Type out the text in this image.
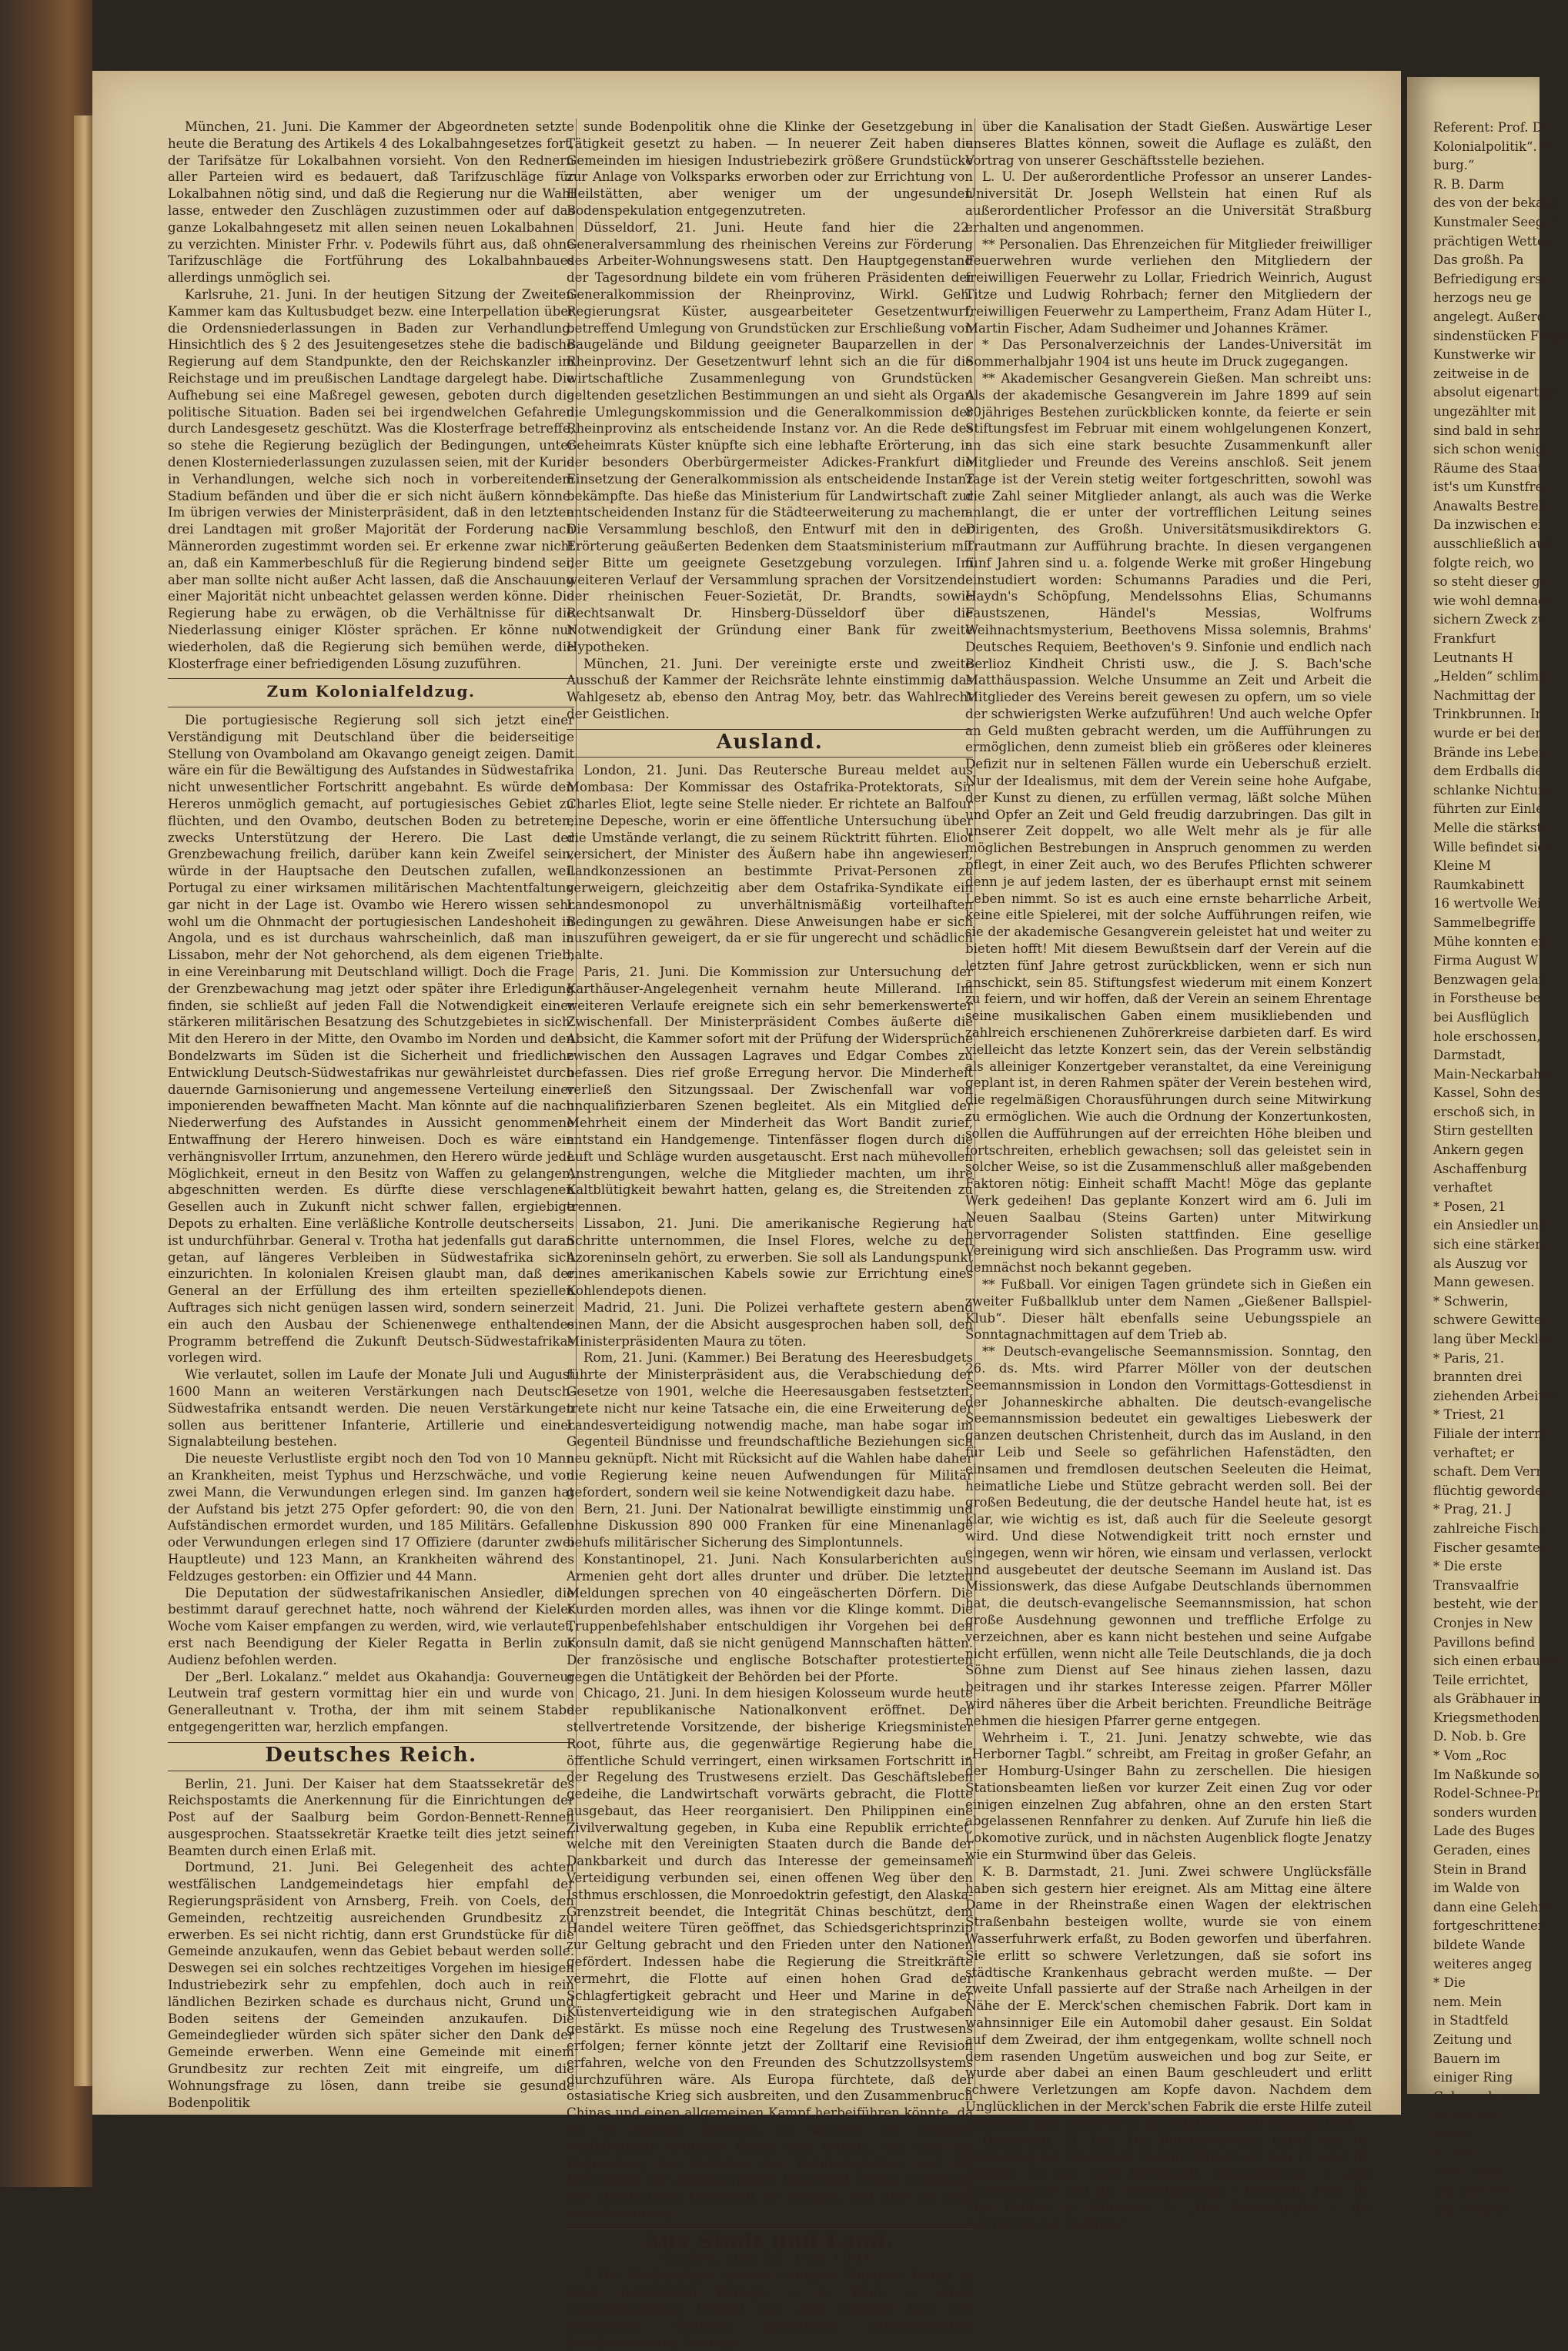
München, 21. Juni. Die Kammer der Abgeordneten setzte heute die Beratung des Artikels 4 des Lokalbahngesetzes fort, der Tarifsätze für Lokalbahnen vorsieht. Von den Rednern aller Parteien wird es bedauert, daß Tarifzuschläge für Lokalbahnen nötig sind, und daß die Regierung nur die Wahl lasse, entweder den Zuschlägen zuzustimmen oder auf das ganze Lokalbahngesetz mit allen seinen neuen Lokalbahnen zu verzichten. Minister Frhr. v. Podewils führt aus, daß ohne Tarifzuschläge die Fortführung des Lokalbahnbaues allerdings unmöglich sei.

Karlsruhe, 21. Juni. In der heutigen Sitzung der Zweiten Kammer kam das Kultusbudget bezw. eine Interpellation über die Ordensniederlassungen in Baden zur Verhandlung. Hinsichtlich des § 2 des Jesuitengesetzes stehe die badische Regierung auf dem Standpunkte, den der Reichskanzler im Reichstage und im preußischen Landtage dargelegt habe. Die Aufhebung sei eine Maßregel gewesen, geboten durch die politische Situation. Baden sei bei irgendwelchen Gefahren durch Landesgesetz geschützt. Was die Klosterfrage betreffe, so stehe die Regierung bezüglich der Bedingungen, unter denen Klosterniederlassungen zuzulassen seien, mit der Kurie in Verhandlungen, welche sich noch in vorbereitendem Stadium befänden und über die er sich nicht äußern könne. Im übrigen verwies der Ministerpräsident, daß in den letzten drei Landtagen mit großer Majorität der Forderung nach Männerorden zugestimmt worden sei. Er erkenne zwar nicht an, daß ein Kammerbeschluß für die Regierung bindend sei, aber man sollte nicht außer Acht lassen, daß die Anschauung einer Majorität nicht unbeachtet gelassen werden könne. Die Regierung habe zu erwägen, ob die Verhältnisse für die Niederlassung einiger Klöster sprächen. Er könne nur wiederholen, daß die Regierung sich bemühen werde, die Klosterfrage einer befriedigenden Lösung zuzuführen.

Zum Kolonialfeldzug.

Die portugiesische Regierung soll sich jetzt einer Verständigung mit Deutschland über die beiderseitige Stellung von Ovamboland am Okavango geneigt zeigen. Damit wäre ein für die Bewältigung des Aufstandes in Südwestafrika nicht unwesentlicher Fortschritt angebahnt. Es würde den Hereros unmöglich gemacht, auf portugiesisches Gebiet zu flüchten, und den Ovambo, deutschen Boden zu betreten, zwecks Unterstützung der Herero. Die Last der Grenzbewachung freilich, darüber kann kein Zweifel sein, würde in der Hauptsache den Deutschen zufallen, weil Portugal zu einer wirksamen militärischen Machtentfaltung gar nicht in der Lage ist. Ovambo wie Herero wissen sehr wohl um die Ohnmacht der portugiesischen Landeshoheit in Angola, und es ist durchaus wahrscheinlich, daß man in Lissabon, mehr der Not gehorchend, als dem eigenen Trieb, in eine Vereinbarung mit Deutschland willigt. Doch die Frage der Grenzbewachung mag jetzt oder später ihre Erledigung finden, sie schließt auf jeden Fall die Notwendigkeit einer stärkeren militärischen Besatzung des Schutzgebietes in sich. Mit den Herero in der Mitte, den Ovambo im Norden und den Bondelzwarts im Süden ist die Sicherheit und friedliche Entwicklung Deutsch-Südwestafrikas nur gewährleistet durch dauernde Garnisonierung und angemessene Verteilung einer imponierenden bewaffneten Macht. Man könnte auf die nach Niederwerfung des Aufstandes in Aussicht genommene Entwaffnung der Herero hinweisen. Doch es wäre ein verhängnisvoller Irrtum, anzunehmen, den Herero würde jede Möglichkeit, erneut in den Besitz von Waffen zu gelangen, abgeschnitten werden. Es dürfte diese verschlagenen Gesellen auch in Zukunft nicht schwer fallen, ergiebige Depots zu erhalten. Eine verläßliche Kontrolle deutscherseits ist undurchführbar. General v. Trotha hat jedenfalls gut daran getan, auf längeres Verbleiben in Südwestafrika sich einzurichten. In kolonialen Kreisen glaubt man, daß der General an der Erfüllung des ihm erteilten speziellen Auftrages sich nicht genügen lassen wird, sondern seinerzeit ein auch den Ausbau der Schienenwege enthaltendes Programm betreffend die Zukunft Deutsch-Südwestafrikas vorlegen wird.

Wie verlautet, sollen im Laufe der Monate Juli und August 1600 Mann an weiteren Verstärkungen nach Deutsch-Südwestafrika entsandt werden. Die neuen Verstärkungen sollen aus berittener Infanterie, Artillerie und einer Signalabteilung bestehen.

Die neueste Verlustliste ergibt noch den Tod von 10 Mann an Krankheiten, meist Typhus und Herzschwäche, und von zwei Mann, die Verwundungen erlegen sind. Im ganzen hat der Aufstand bis jetzt 275 Opfer gefordert: 90, die von den Aufständischen ermordet wurden, und 185 Militärs. Gefallen oder Verwundungen erlegen sind 17 Offiziere (darunter zwei Hauptleute) und 123 Mann, an Krankheiten während des Feldzuges gestorben: ein Offizier und 44 Mann.

Die Deputation der südwestafrikanischen Ansiedler, die bestimmt darauf gerechnet hatte, noch während der Kieler Woche vom Kaiser empfangen zu werden, wird, wie verlautet, erst nach Beendigung der Kieler Regatta in Berlin zur Audienz befohlen werden.

Der „Berl. Lokalanz.“ meldet aus Okahandja: Gouverneur Leutwein traf gestern vormittag hier ein und wurde von Generalleutnant v. Trotha, der ihm mit seinem Stabe entgegengeritten war, herzlich empfangen.

Deutsches Reich.

Berlin, 21. Juni. Der Kaiser hat dem Staatssekretär des Reichspostamts die Anerkennung für die Einrichtungen der Post auf der Saalburg beim Gordon-Bennett-Rennen ausgesprochen. Staatssekretär Kraetke teilt dies jetzt seinen Beamten durch einen Erlaß mit.

Dortmund, 21. Juni. Bei Gelegenheit des achten westfälischen Landgemeindetags hier empfahl der Regierungspräsident von Arnsberg, Freih. von Coels, den Gemeinden, rechtzeitig ausreichenden Grundbesitz zu erwerben. Es sei nicht richtig, dann erst Grundstücke für die Gemeinde anzukaufen, wenn das Gebiet bebaut werden solle. Deswegen sei ein solches rechtzeitiges Vorgehen im hiesigen Industriebezirk sehr zu empfehlen, doch auch in rein ländlichen Bezirken schade es durchaus nicht, Grund und Boden seitens der Gemeinden anzukaufen. Die Gemeindeglieder würden sich später sicher den Dank der Gemeinde erwerben. Wenn eine Gemeinde mit einem Grundbesitz zur rechten Zeit mit eingreife, um die Wohnungsfrage zu lösen, dann treibe sie gesunde Bodenpolitik

sunde Bodenpolitik ohne die Klinke der Gesetzgebung in Tätigkeit gesetzt zu haben. — In neuerer Zeit haben die Gemeinden im hiesigen Industriebezirk größere Grundstücke zur Anlage von Volksparks erworben oder zur Errichtung von Heilstätten, aber weniger um der ungesunden Bodenspekulation entgegenzutreten.

Düsseldorf, 21. Juni. Heute fand hier die 22. Generalversammlung des rheinischen Vereins zur Förderung des Arbeiter-Wohnungswesens statt. Den Hauptgegenstand der Tagesordnung bildete ein vom früheren Präsidenten der Generalkommission der Rheinprovinz, Wirkl. Geh. Regierungsrat Küster, ausgearbeiteter Gesetzentwurf, betreffend Umlegung von Grundstücken zur Erschließung von Baugelände und Bildung geeigneter Bauparzellen in der Rheinprovinz. Der Gesetzentwurf lehnt sich an die für die wirtschaftliche Zusammenlegung von Grundstücken geltenden gesetzlichen Bestimmungen an und sieht als Organ die Umlegungskommission und die Generalkommission der Rheinprovinz als entscheidende Instanz vor. An die Rede des Geheimrats Küster knüpfte sich eine lebhafte Erörterung, in der besonders Oberbürgermeister Adickes-Frankfurt die Einsetzung der Generalkommission als entscheidende Instanz bekämpfte. Das hieße das Ministerium für Landwirtschaft zur entscheidenden Instanz für die Städteerweiterung zu machen. Die Versammlung beschloß, den Entwurf mit den in der Erörterung geäußerten Bedenken dem Staatsministerium mit der Bitte um geeignete Gesetzgebung vorzulegen. Im weiteren Verlauf der Versammlung sprachen der Vorsitzende der rheinischen Feuer-Sozietät, Dr. Brandts, sowie Rechtsanwalt Dr. Hinsberg-Düsseldorf über die Notwendigkeit der Gründung einer Bank für zweite Hypotheken.

München, 21. Juni. Der vereinigte erste und zweite Ausschuß der Kammer der Reichsräte lehnte einstimmig das Wahlgesetz ab, ebenso den Antrag Moy, betr. das Wahlrecht der Geistlichen.

Ausland.

London, 21. Juni. Das Reutersche Bureau meldet aus Mombasa: Der Kommissar des Ostafrika-Protektorats, Sir Charles Eliot, legte seine Stelle nieder. Er richtete an Balfour eine Depesche, worin er eine öffentliche Untersuchung über die Umstände verlangt, die zu seinem Rücktritt führten. Eliot versichert, der Minister des Äußern habe ihn angewiesen, Landkonzessionen an bestimmte Privat-Personen zu verweigern, gleichzeitig aber dem Ostafrika-Syndikate ein Landesmonopol zu unverhältnismäßig vorteilhaften Bedingungen zu gewähren. Diese Anweisungen habe er sich auszuführen geweigert, da er sie für ungerecht und schädlich halte.

Paris, 21. Juni. Die Kommission zur Untersuchung der Karthäuser-Angelegenheit vernahm heute Millerand. Im weiteren Verlaufe ereignete sich ein sehr bemerkenswerter Zwischenfall. Der Ministerpräsident Combes äußerte die Absicht, die Kammer sofort mit der Prüfung der Widersprüche zwischen den Aussagen Lagraves und Edgar Combes zu befassen. Dies rief große Erregung hervor. Die Minderheit verließ den Sitzungssaal. Der Zwischenfall war von unqualifizierbaren Szenen begleitet. Als ein Mitglied der Mehrheit einem der Minderheit das Wort Bandit zurief, entstand ein Handgemenge. Tintenfässer flogen durch die Luft und Schläge wurden ausgetauscht. Erst nach mühevollen Anstrengungen, welche die Mitglieder machten, um ihre Kaltblütigkeit bewahrt hatten, gelang es, die Streitenden zu trennen.

Lissabon, 21. Juni. Die amerikanische Regierung hat Schritte unternommen, die Insel Flores, welche zu den Azoreninseln gehört, zu erwerben. Sie soll als Landungspunkt eines amerikanischen Kabels sowie zur Errichtung eines Kohlendepots dienen.

Madrid, 21. Juni. Die Polizei verhaftete gestern abend einen Mann, der die Absicht ausgesprochen haben soll, den Ministerpräsidenten Maura zu töten.

Rom, 21. Juni. (Kammer.) Bei Beratung des Heeresbudgets führte der Ministerpräsident aus, die Verabschiedung der Gesetze von 1901, welche die Heeresausgaben festsetzten, trete nicht nur keine Tatsache ein, die eine Erweiterung der Landesverteidigung notwendig mache, man habe sogar im Gegenteil Bündnisse und freundschaftliche Beziehungen sich neu geknüpft. Nicht mit Rücksicht auf die Wahlen habe daher die Regierung keine neuen Aufwendungen für Militär gefordert, sondern weil sie keine Notwendigkeit dazu habe.

Bern, 21. Juni. Der Nationalrat bewilligte einstimmig und ohne Diskussion 890 000 Franken für eine Minenanlage behufs militärischer Sicherung des Simplontunnels.

Konstantinopel, 21. Juni. Nach Konsularberichten aus Armenien geht dort alles drunter und drüber. Die letzten Meldungen sprechen von 40 eingeäscherten Dörfern. Die Kurden morden alles, was ihnen vor die Klinge kommt. Die Truppenbefehlshaber entschuldigen ihr Vorgehen bei den Konsuln damit, daß sie nicht genügend Mannschaften hätten. Der französische und englische Botschafter protestierten gegen die Untätigkeit der Behörden bei der Pforte.

Chicago, 21. Juni. In dem hiesigen Kolosseum wurde heute der republikanische Nationalkonvent eröffnet. Der stellvertretende Vorsitzende, der bisherige Kriegsminister Root, führte aus, die gegenwärtige Regierung habe die öffentliche Schuld verringert, einen wirksamen Fortschritt in der Regelung des Trustwesens erzielt. Das Geschäftsleben gedeihe, die Landwirtschaft vorwärts gebracht, die Flotte ausgebaut, das Heer reorganisiert. Den Philippinen eine Zivilverwaltung gegeben, in Kuba eine Republik errichtet, welche mit den Vereinigten Staaten durch die Bande der Dankbarkeit und durch das Interesse der gemeinsamen Verteidigung verbunden sei, einen offenen Weg über den Isthmus erschlossen, die Monroedoktrin gefestigt, den Alaska-Grenzstreit beendet, die Integrität Chinas beschützt, dem Handel weitere Türen geöffnet, das Schiedsgerichtsprinzip zur Geltung gebracht und den Frieden unter den Nationen gefördert. Indessen habe die Regierung die Streitkräfte vermehrt, die Flotte auf einen hohen Grad der Schlagfertigkeit gebracht und Heer und Marine in der Küstenverteidigung wie in den strategischen Aufgaben gestärkt. Es müsse noch eine Regelung des Trustwesens erfolgen; ferner könnte jetzt der Zolltarif eine Revision erfahren, welche von den Freunden des Schutzzollsystems durchzuführen wäre. Als Europa fürchtete, daß der ostasiatische Krieg sich ausbreiten, und den Zusammenbruch Chinas und einen allgemeinen Kampf herbeiführen könnte, da sei es Amerika gewesen, an welches der begabte, weitblickende deutsche Kaiser sich wandte, um über die Begrenzung des Gebietes der Feindseligkeiten und die Bewahrung der administrativen Wesenheit Chinas außerhalb der Mandschurei Gewißheit zu bringen, und dies sei auch erreicht worden.

Aus Stadt und Land.

Gießen, den 22. Juni 1904.

* Die Stadtauflage unserer heutigen Nummer bringt in einer besonderen Beilage — 4. Blatt — einen stenographischen Bericht von dem kürzlich hier von Oberbaurat Schmick gehaltenen außerordentlich beachtenswerten Vortrage

über die Kanalisation der Stadt Gießen. Auswärtige Leser unseres Blattes können, soweit die Auflage es zuläßt, den Vortrag von unserer Geschäftsstelle beziehen.

L. U. Der außerordentliche Professor an unserer Landes-Universität Dr. Joseph Wellstein hat einen Ruf als außerordentlicher Professor an die Universität Straßburg erhalten und angenommen.

** Personalien. Das Ehrenzeichen für Mitglieder freiwilliger Feuerwehren wurde verliehen den Mitgliedern der freiwilligen Feuerwehr zu Lollar, Friedrich Weinrich, August Titze und Ludwig Rohrbach; ferner den Mitgliedern der freiwilligen Feuerwehr zu Lampertheim, Franz Adam Hüter I., Martin Fischer, Adam Sudheimer und Johannes Krämer.

* Das Personalverzeichnis der Landes-Universität im Sommerhalbjahr 1904 ist uns heute im Druck zugegangen.

** Akademischer Gesangverein Gießen. Man schreibt uns: Als der akademische Gesangverein im Jahre 1899 auf sein 80jähriges Bestehen zurückblicken konnte, da feierte er sein Stiftungsfest im Februar mit einem wohlgelungenen Konzert, an das sich eine stark besuchte Zusammenkunft aller Mitglieder und Freunde des Vereins anschloß. Seit jenem Tage ist der Verein stetig weiter fortgeschritten, sowohl was die Zahl seiner Mitglieder anlangt, als auch was die Werke anlangt, die er unter der vortrefflichen Leitung seines Dirigenten, des Großh. Universitätsmusikdirektors G. Trautmann zur Aufführung brachte. In diesen vergangenen fünf Jahren sind u. a. folgende Werke mit großer Hingebung einstudiert worden: Schumanns Paradies und die Peri, Haydn's Schöpfung, Mendelssohns Elias, Schumanns Faustszenen, Händel's Messias, Wolfrums Weihnachtsmysterium, Beethovens Missa solemnis, Brahms' Deutsches Requiem, Beethoven's 9. Sinfonie und endlich nach Berlioz Kindheit Christi usw., die J. S. Bach'sche Matthäuspassion. Welche Unsumme an Zeit und Arbeit die Mitglieder des Vereins bereit gewesen zu opfern, um so viele der schwierigsten Werke aufzuführen! Und auch welche Opfer an Geld mußten gebracht werden, um die Aufführungen zu ermöglichen, denn zumeist blieb ein größeres oder kleineres Defizit nur in seltenen Fällen wurde ein Ueberschuß erzielt. Nur der Idealismus, mit dem der Verein seine hohe Aufgabe, der Kunst zu dienen, zu erfüllen vermag, läßt solche Mühen und Opfer an Zeit und Geld freudig darzubringen. Das gilt in unserer Zeit doppelt, wo alle Welt mehr als je für alle möglichen Bestrebungen in Anspruch genommen zu werden pflegt, in einer Zeit auch, wo des Berufes Pflichten schwerer denn je auf jedem lasten, der es überhaupt ernst mit seinem Leben nimmt. So ist es auch eine ernste beharrliche Arbeit, keine eitle Spielerei, mit der solche Aufführungen reifen, wie sie der akademische Gesangverein geleistet hat und weiter zu bieten hofft! Mit diesem Bewußtsein darf der Verein auf die letzten fünf Jahre getrost zurückblicken, wenn er sich nun anschickt, sein 85. Stiftungsfest wiederum mit einem Konzert zu feiern, und wir hoffen, daß der Verein an seinem Ehrentage seine musikalischen Gaben einem musikliebenden und zahlreich erschienenen Zuhörerkreise darbieten darf. Es wird vielleicht das letzte Konzert sein, das der Verein selbständig als alleiniger Konzertgeber veranstaltet, da eine Vereinigung geplant ist, in deren Rahmen später der Verein bestehen wird, die regelmäßigen Chorausführungen durch seine Mitwirkung zu ermöglichen. Wie auch die Ordnung der Konzertunkosten, sollen die Aufführungen auf der erreichten Höhe bleiben und fortschreiten, erheblich gewachsen; soll das geleistet sein in solcher Weise, so ist die Zusammenschluß aller maßgebenden Faktoren nötig: Einheit schafft Macht! Möge das geplante Werk gedeihen! Das geplante Konzert wird am 6. Juli im Neuen Saalbau (Steins Garten) unter Mitwirkung hervorragender Solisten stattfinden. Eine gesellige Vereinigung wird sich anschließen. Das Programm usw. wird demnächst noch bekannt gegeben.

** Fußball. Vor einigen Tagen gründete sich in Gießen ein zweiter Fußballklub unter dem Namen „Gießener Ballspiel-Klub“. Dieser hält ebenfalls seine Uebungsspiele an Sonntagnachmittagen auf dem Trieb ab.

** Deutsch-evangelische Seemannsmission. Sonntag, den 26. ds. Mts. wird Pfarrer Möller von der deutschen Seemannsmission in London den Vormittags-Gottesdienst in der Johanneskirche abhalten. Die deutsch-evangelische Seemannsmission bedeutet ein gewaltiges Liebeswerk der ganzen deutschen Christenheit, durch das im Ausland, in den für Leib und Seele so gefährlichen Hafenstädten, den einsamen und fremdlosen deutschen Seeleuten die Heimat, heimatliche Liebe und Stütze gebracht werden soll. Bei der großen Bedeutung, die der deutsche Handel heute hat, ist es klar, wie wichtig es ist, daß auch für die Seeleute gesorgt wird. Und diese Notwendigkeit tritt noch ernster und eingegen, wenn wir hören, wie einsam und verlassen, verlockt und ausgebeutet der deutsche Seemann im Ausland ist. Das Missionswerk, das diese Aufgabe Deutschlands übernommen hat, die deutsch-evangelische Seemannsmission, hat schon große Ausdehnung gewonnen und treffliche Erfolge zu verzeichnen, aber es kann nicht bestehen und seine Aufgabe nicht erfüllen, wenn nicht alle Teile Deutschlands, die ja doch Söhne zum Dienst auf See hinaus ziehen lassen, dazu beitragen und ihr starkes Interesse zeigen. Pfarrer Möller wird näheres über die Arbeit berichten. Freundliche Beiträge nehmen die hiesigen Pfarrer gerne entgegen.

Wehrheim i. T., 21. Juni. Jenatzy schwebte, wie das „Herborner Tagbl.“ schreibt, am Freitag in großer Gefahr, an der Homburg-Usinger Bahn zu zerschellen. Die hiesigen Stationsbeamten ließen vor kurzer Zeit einen Zug vor oder einigen einzelnen Zug abfahren, ohne an den ersten Start abgelassenen Rennfahrer zu denken. Auf Zurufe hin ließ die Lokomotive zurück, und in nächsten Augenblick flogte Jenatzy wie ein Sturmwind über das Geleis.

K. B. Darmstadt, 21. Juni. Zwei schwere Unglücksfälle haben sich gestern hier ereignet. Als am Mittag eine ältere Dame in der Rheinstraße einen Wagen der elektrischen Straßenbahn besteigen wollte, wurde sie von einem Wasserfuhrwerk erfaßt, zu Boden geworfen und überfahren. Sie erlitt so schwere Verletzungen, daß sie sofort ins städtische Krankenhaus gebracht werden mußte. — Der zweite Unfall passierte auf der Straße nach Arheilgen in der Nähe der E. Merck'schen chemischen Fabrik. Dort kam in wahnsinniger Eile ein Automobil daher gesaust. Ein Soldat auf dem Zweirad, der ihm entgegenkam, wollte schnell noch dem rasenden Ungetüm ausweichen und bog zur Seite, er wurde aber dabei an einen Baum geschleudert und erlitt schwere Verletzungen am Kopfe davon. Nachdem dem Unglücklichen in der Merck'schen Fabrik die erste Hilfe zuteil geworden war, wurde er in das Militärlazarett transportiert.

Darmstadt, 21. Juni. Der Bundesvorstand beruft den 14. Bundestag der deutschen Bodenreformer auf den 15. und 16. Oktober zu uns nach Darmstadt. Tagesordnung: 1. „Die Schwindsucht und die Wohnungsfrage.“ Referent: Prof. Dr. Max Grüber in München. 2. „Die Wasserkräfte — die Bergwerke der Zukunft.“

Referent: Prof. Dr.

Kolonialpolitik“. R.

burg.“

R. B. Darm

des von der bekann

Kunstmaler Seeger

prächtigen Wetter

Das großh. Pa

Befriedigung erst

herzogs neu ge

angelegt. Außerd

sindenstücken Frage

Kunstwerke wir

zeitweise in de

absolut eigenartige

ungezählter mit

sind bald in sehr

sich schon wenige

Räume des Staat

ist's um Kunstfreu

Anawalts Bestreb

Da inzwischen ei

ausschließlich auf

folgte reich, wo

so steht dieser gu

wie wohl demnach

sichern Zweck zu

Frankfurt

Leutnants H

„Helden“ schlimm

Nachmittag der

Trinkbrunnen. In

wurde er bei der

Brände ins Leben

dem Erdballs die

schlanke Nichtung

führten zur Einle

Melle die stärkste

Wille befindet sich

Kleine M

Raumkabinett

16 wertvolle Wei

Sammelbegriffe

Mühe konnten ein

Firma August W

Benzwagen gelan

in Forstheuse be

bei Ausflüglich

hole erschossen,

Darmstadt,

Main-Neckarbahn,

Kassel, Sohn des

erschoß sich, in

Stirn gestellten

Ankern gegen

Aschaffenburg

verhaftet

* Posen, 21

ein Ansiedler und

sich eine stärkere

als Auszug vor

Mann gewesen.

* Schwerin,

schwere Gewitter

lang über Meckler

* Paris, 21.

brannten drei

ziehenden Arbeiter

* Triest, 21

Filiale der interne

verhaftet; er

schaft. Dem Vern

flüchtig geworden

* Prag, 21. J

zahlreiche Fische

Fischer gesamten

* Die erste

Transvaalfrie

besteht, wie der

Cronjes in New

Pavillons befind

sich einen erbauten

Teile errichtet,

als Gräbhauer in

Kriegsmethoden

D. Nob. b. Gre

* Vom „Roc

Im Naßkunde so

Rodel-Schnee-Pr

sonders wurden

Lade des Buges

Geraden, eines

Stein in Brand

im Walde von

dann eine Gelehrt

fortgeschrittener

bildete Wande

weiteres angeg

* Die

nem. Mein

in Stadtfeld

Zeitung und

Bauern im

einiger Ring

Gebrauch, was

ist mehrst.

kannt

in den

und Lemm

um Gerichts

um Verkehr
